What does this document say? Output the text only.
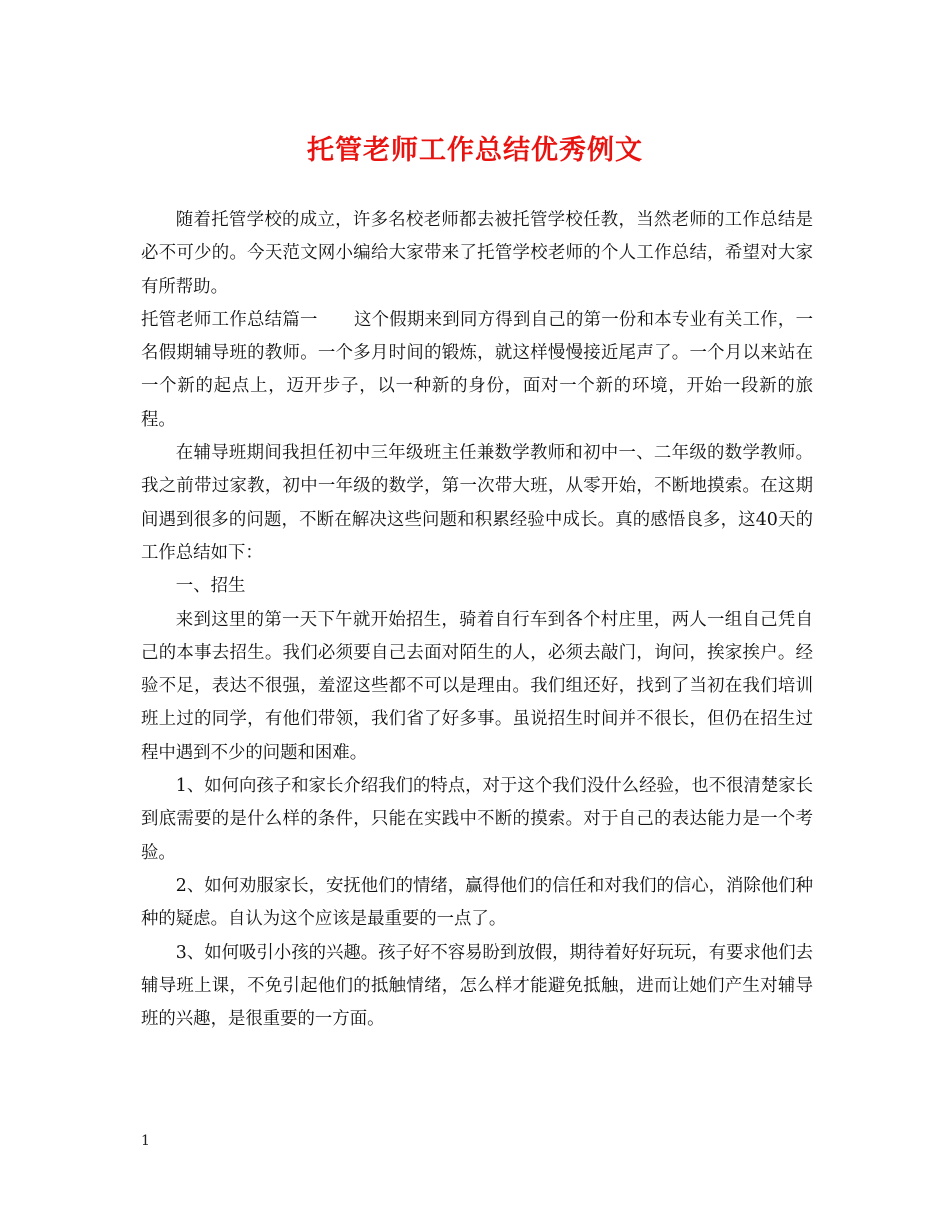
托管老师工作总结优秀例文

随着托管学校的成立，许多名校老师都去被托管学校任教，当然老师的工作总结是必不可少的。今天范文网小编给大家带来了托管学校老师的个人工作总结，希望对大家有所帮助。

托管老师工作总结篇一 这个假期来到同方得到自己的第一份和本专业有关工作，一名假期辅导班的教师。一个多月时间的锻炼，就这样慢慢接近尾声了。一个月以来站在一个新的起点上，迈开步子，以一种新的身份，面对一个新的环境，开始一段新的旅程。

在辅导班期间我担任初中三年级班主任兼数学教师和初中一、二年级的数学教师。我之前带过家教，初中一年级的数学，第一次带大班，从零开始，不断地摸索。在这期间遇到很多的问题，不断在解决这些问题和积累经验中成长。真的感悟良多，这40天的工作总结如下：

一、招生

来到这里的第一天下午就开始招生，骑着自行车到各个村庄里，两人一组自己凭自己的本事去招生。我们必须要自己去面对陌生的人，必须去敲门，询问，挨家挨户。经验不足，表达不很强，羞涩这些都不可以是理由。我们组还好，找到了当初在我们培训班上过的同学，有他们带领，我们省了好多事。虽说招生时间并不很长，但仍在招生过程中遇到不少的问题和困难。

1、如何向孩子和家长介绍我们的特点，对于这个我们没什么经验，也不很清楚家长到底需要的是什么样的条件，只能在实践中不断的摸索。对于自己的表达能力是一个考验。

2、如何劝服家长，安抚他们的情绪，赢得他们的信任和对我们的信心，消除他们种种的疑虑。自认为这个应该是最重要的一点了。

3、如何吸引小孩的兴趣。孩子好不容易盼到放假，期待着好好玩玩，有要求他们去辅导班上课，不免引起他们的抵触情绪，怎么样才能避免抵触，进而让她们产生对辅导班的兴趣，是很重要的一方面。

1
